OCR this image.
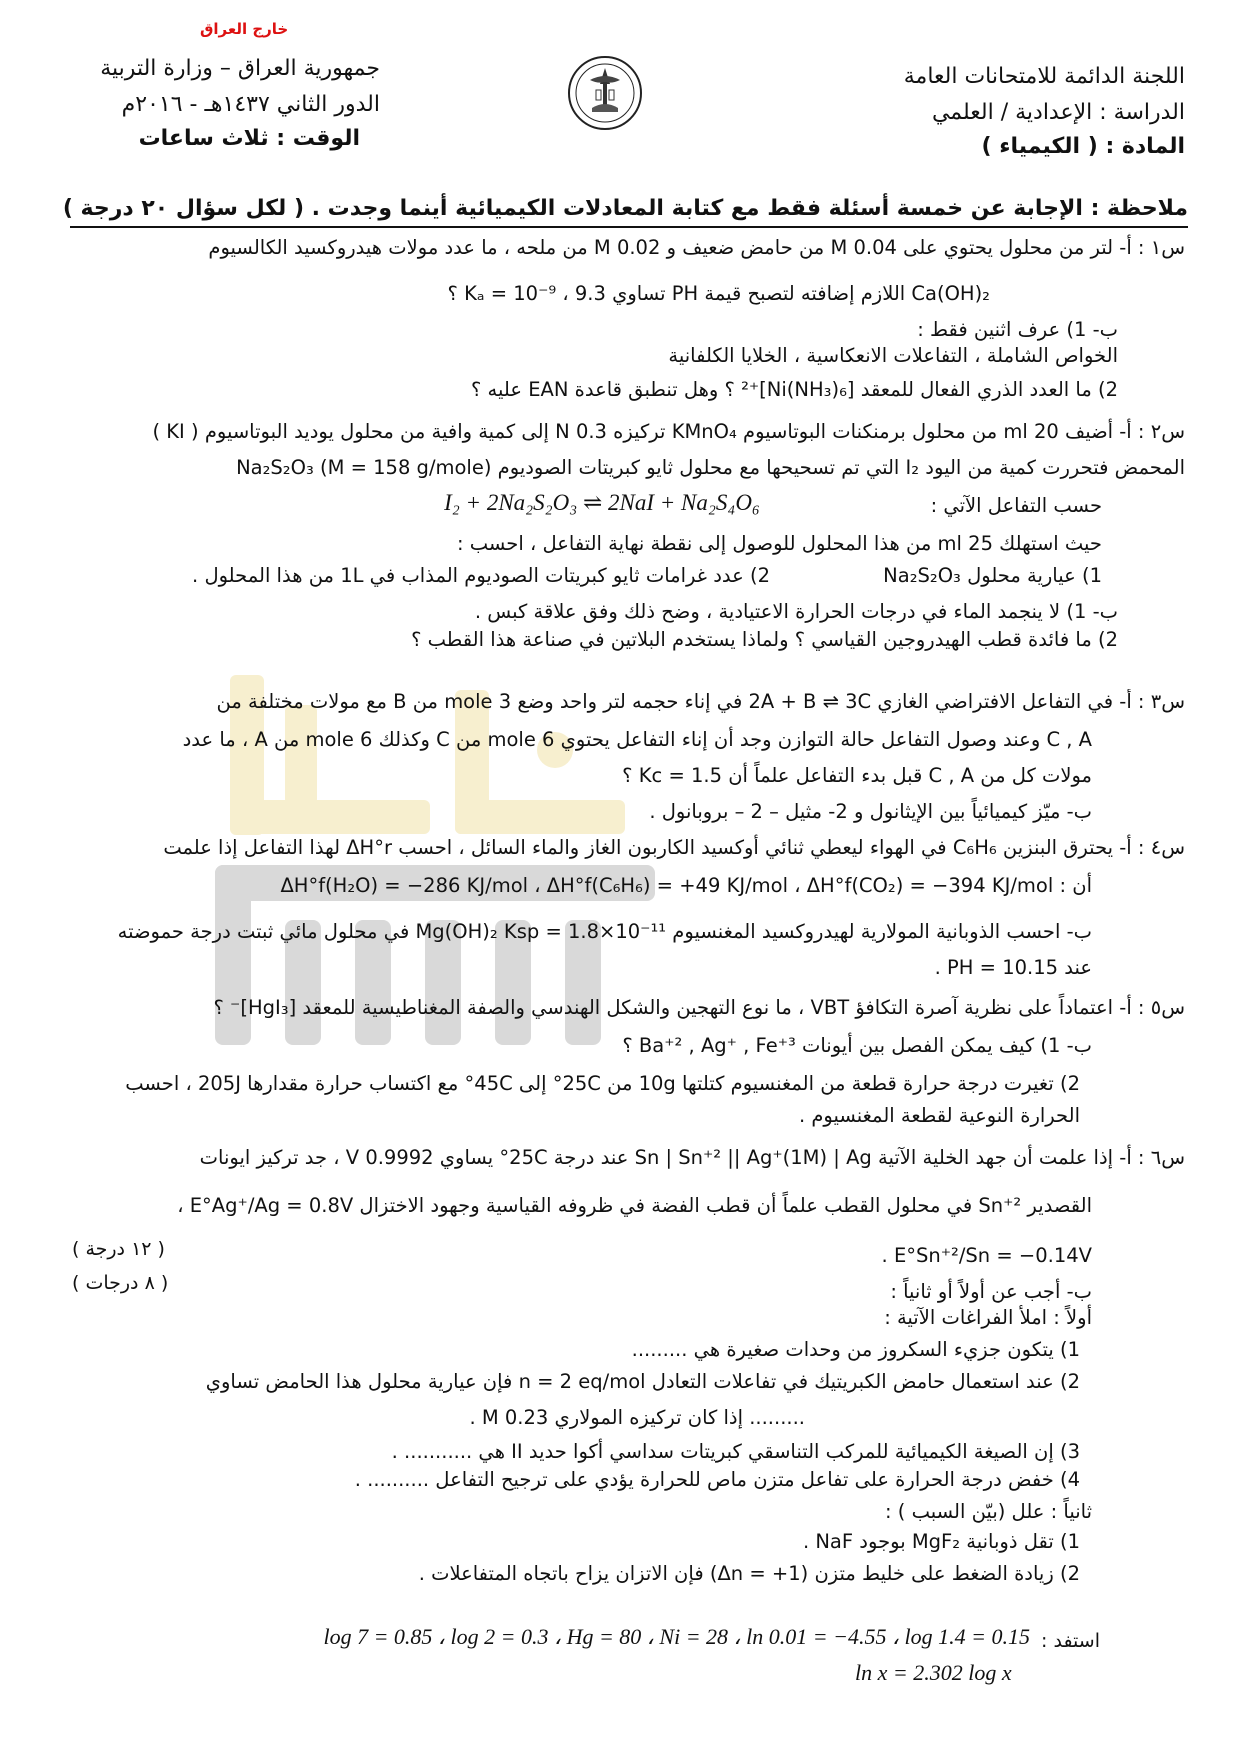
خارج العراق
جمهورية العراق – وزارة التربية
الدور الثاني ١٤٣٧هـ - ٢٠١٦م
الوقت : ثلاث ساعات
اللجنة الدائمة للامتحانات العامة
الدراسة : الإعدادية / العلمي
المادة : ( الكيمياء )
ملاحظة : الإجابة عن خمسة أسئلة فقط مع كتابة المعادلات الكيميائية أينما وجدت . ( لكل سؤال ٢٠ درجة )
س١ : أ- لتر من محلول يحتوي على 0.04 M من حامض ضعيف و 0.02 M من ملحه ، ما عدد مولات هيدروكسيد الكالسيوم
Ca(OH)₂ اللازم إضافته لتصبح قيمة PH تساوي 9.3 ، Kₐ = 10⁻⁹ ؟
ب- 1) عرف اثنين فقط :
الخواص الشاملة ، التفاعلات الانعكاسية ، الخلايا الكلفانية
2) ما العدد الذري الفعال للمعقد [Ni(NH₃)₆]⁺² ؟ وهل تنطبق قاعدة EAN عليه ؟
س٢ : أ- أضيف 20 ml من محلول برمنكنات البوتاسيوم KMnO₄ تركيزه 0.3 N إلى كمية وافية من محلول يوديد البوتاسيوم ( KI )
المحمض فتحررت كمية من اليود I₂ التي تم تسحيحها مع محلول ثايو كبريتات الصوديوم Na₂S₂O₃ (M = 158 g/mole)
حسب التفاعل الآتي :
I₂ + 2Na₂S₂O₃ ⇌ 2NaI + Na₂S₄O₆
حيث استهلك 25 ml من هذا المحلول للوصول إلى نقطة نهاية التفاعل ، احسب :
1) عيارية محلول Na₂S₂O₃
2) عدد غرامات ثايو كبريتات الصوديوم المذاب في 1L من هذا المحلول .
ب- 1) لا ينجمد الماء في درجات الحرارة الاعتيادية ، وضح ذلك وفق علاقة كبس .
2) ما فائدة قطب الهيدروجين القياسي ؟ ولماذا يستخدم البلاتين في صناعة هذا القطب ؟
س٣ : أ- في التفاعل الافتراضي الغازي 2A + B ⇌ 3C في إناء حجمه لتر واحد وضع 3 mole من B مع مولات مختلفة من
C , A وعند وصول التفاعل حالة التوازن وجد أن إناء التفاعل يحتوي 6 mole من C وكذلك 6 mole من A ، ما عدد
مولات كل من C , A قبل بدء التفاعل علماً أن Kc = 1.5 ؟
ب- ميّز كيميائياً بين الإيثانول و 2- مثيل – 2 – بروبانول .
س٤ : أ- يحترق البنزين C₆H₆ في الهواء ليعطي ثنائي أوكسيد الكاربون الغاز والماء السائل ، احسب ΔH°r لهذا التفاعل إذا علمت
أن : ΔH°f(H₂O) = −286 KJ/mol ، ΔH°f(C₆H₆) = +49 KJ/mol ، ΔH°f(CO₂) = −394 KJ/mol
ب- احسب الذوبانية المولارية لهيدروكسيد المغنسيوم Mg(OH)₂ Ksp = 1.8×10⁻¹¹ في محلول مائي ثبتت درجة حموضته
عند PH = 10.15 .
س٥ : أ- اعتماداً على نظرية آصرة التكافؤ VBT ، ما نوع التهجين والشكل الهندسي والصفة المغناطيسية للمعقد [HgI₃]⁻ ؟
ب- 1) كيف يمكن الفصل بين أيونات Ba⁺² , Ag⁺ , Fe⁺³ ؟
2) تغيرت درجة حرارة قطعة من المغنسيوم كتلتها 10g من 25C° إلى 45C° مع اكتساب حرارة مقدارها 205J ، احسب
الحرارة النوعية لقطعة المغنسيوم .
س٦ : أ- إذا علمت أن جهد الخلية الآتية Sn | Sn⁺² || Ag⁺(1M) | Ag عند درجة 25C° يساوي 0.9992 V ، جد تركيز ايونات
القصدير Sn⁺² في محلول القطب علماً أن قطب الفضة في ظروفه القياسية وجهود الاختزال E°Ag⁺/Ag = 0.8V ،
E°Sn⁺²/Sn = −0.14V .
( ١٢ درجة )
( ٨ درجات )	ب- أجب عن أولاً أو ثانياً :
أولاً : املأ الفراغات الآتية :
1) يتكون جزيء السكروز من وحدات صغيرة هي .........
2) عند استعمال حامض الكبريتيك في تفاعلات التعادل n = 2 eq/mol فإن عيارية محلول هذا الحامض تساوي
......... إذا كان تركيزه المولاري 0.23 M .
3) إن الصيغة الكيميائية للمركب التناسقي كبريتات سداسي أكوا حديد II هي ........... .
4) خفض درجة الحرارة على تفاعل متزن ماص للحرارة يؤدي على ترجيح التفاعل .......... .
ثانياً : علل (بيّن السبب ) :
1) تقل ذوبانية MgF₂ بوجود NaF .
2) زيادة الضغط على خليط متزن (Δn = +1) فإن الاتزان يزاح باتجاه المتفاعلات .
استفد :
log 7 = 0.85 ، log 2 = 0.3 ، Hg = 80 ، Ni = 28 ، ln 0.01 = −4.55 ، log 1.4 = 0.15
ln x = 2.302 log x
